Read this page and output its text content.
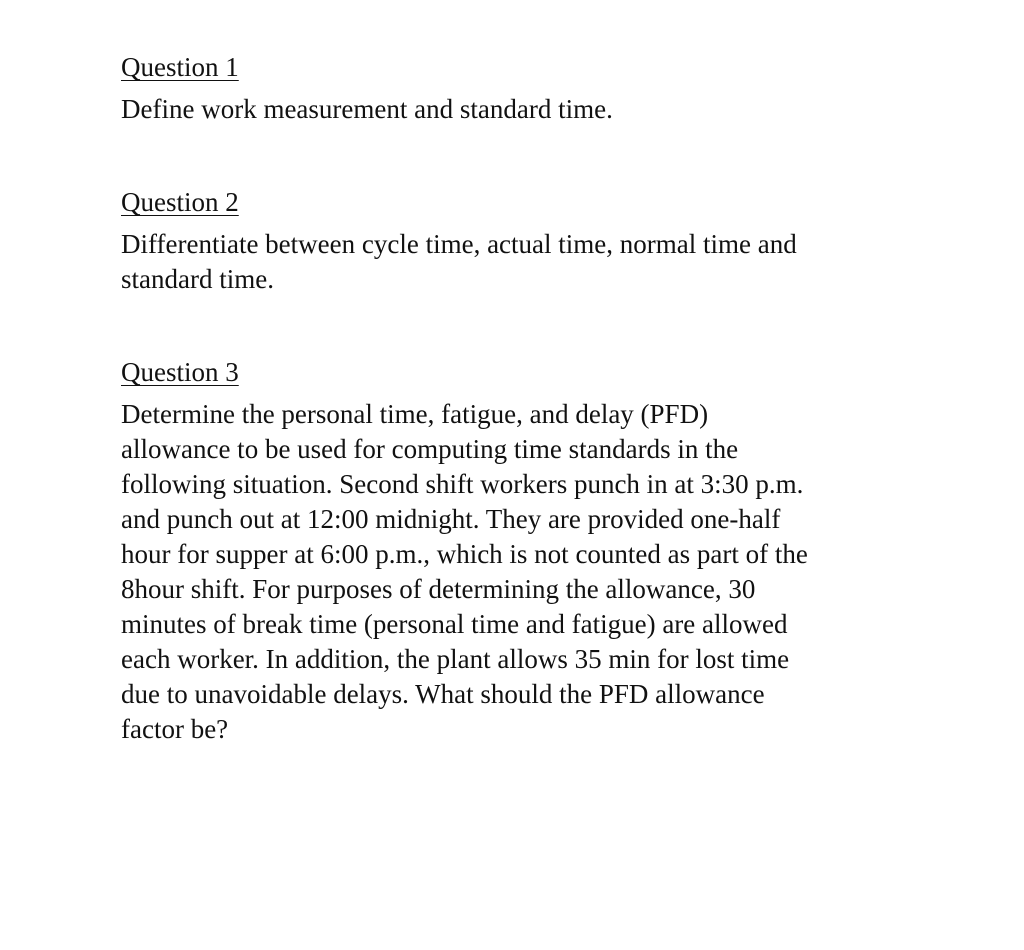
Question 1

Define work measurement and standard time.

Question 2

Differentiate between cycle time, actual time, normal time and
standard time.

Question 3

Determine the personal time, fatigue, and delay (PFD)
allowance to be used for computing time standards in the
following situation. Second shift workers punch in at 3:30 p.m.
and punch out at 12:00 midnight. They are provided one-half
hour for supper at 6:00 p.m., which is not counted as part of the
8hour shift. For purposes of determining the allowance, 30
minutes of break time (personal time and fatigue) are allowed
each worker. In addition, the plant allows 35 min for lost time
due to unavoidable delays. What should the PFD allowance
factor be?
